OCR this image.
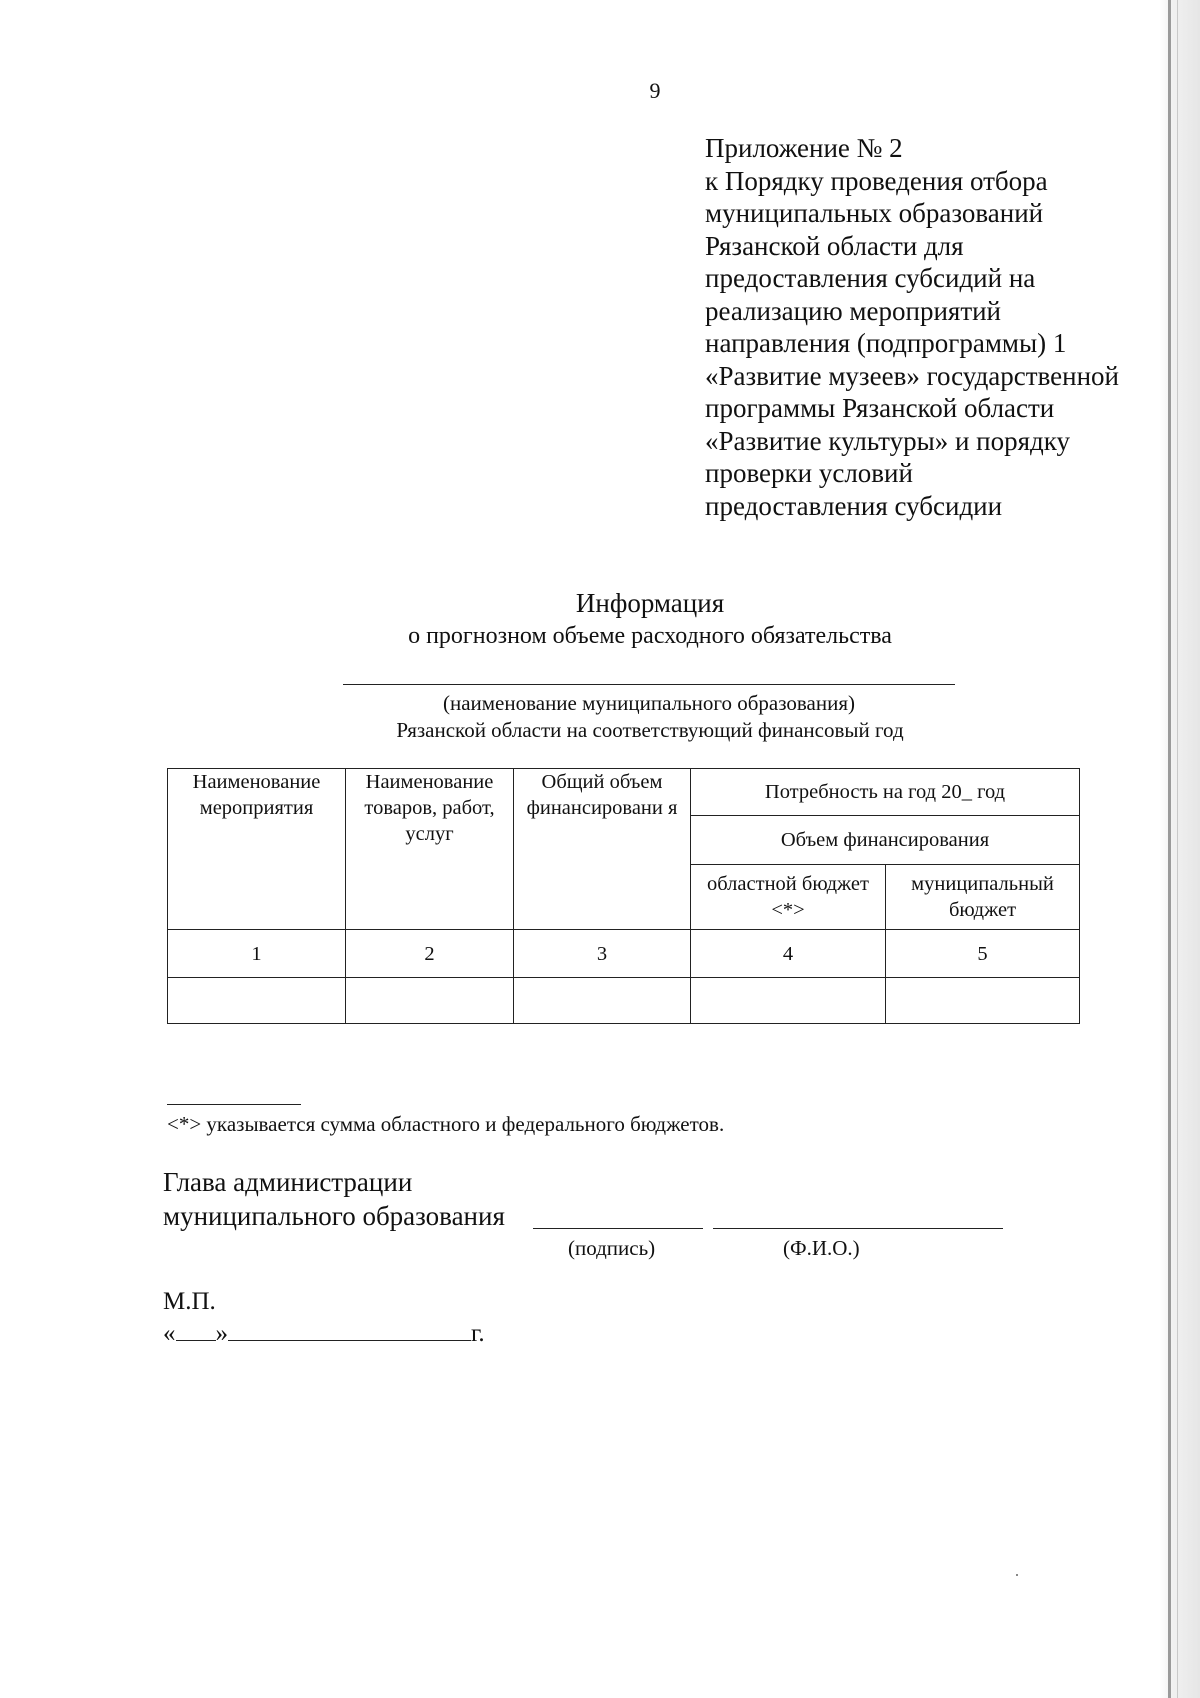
9
Приложение № 2
к Порядку проведения отбора
муниципальных образований
Рязанской области для
предоставления субсидий на
реализацию мероприятий
направления (подпрограммы) 1
«Развитие музеев» государственной
программы Рязанской области
«Развитие культуры» и порядку
проверки условий
предоставления субсидии
Информация
о прогнозном объеме расходного обязательства
(наименование муниципального образования)
Рязанской области на соответствующий финансовый год
Наименование мероприятия	Наименование товаров, работ, услуг	Общий объем финансировани я	Потребность на год 20_ год	
			Объем финансирования	
			областной бюджет <*>	муниципальный бюджет
1	2	3	4	5

<*> указывается сумма областного и федерального бюджетов.
Глава администрации
муниципального образования
(подпись)	(Ф.И.О.)
М.П.
« »	г.
